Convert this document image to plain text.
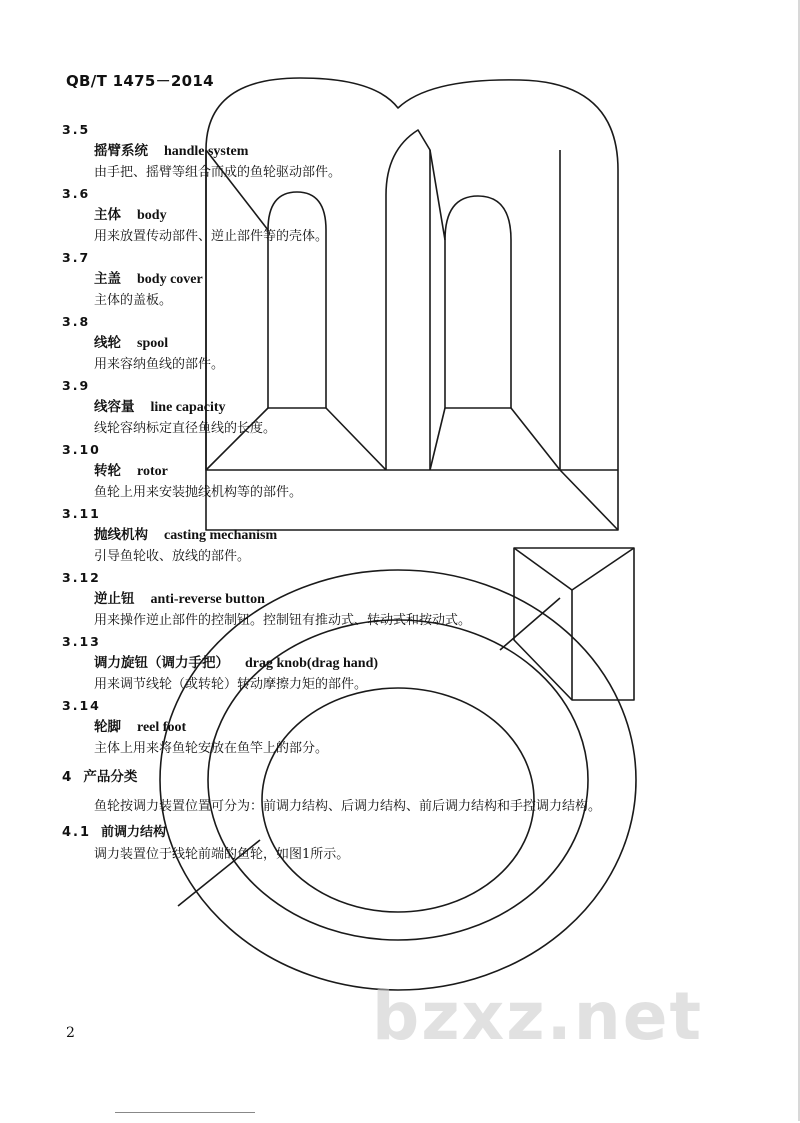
QB/T 1475－2014
3.5
摇臂系统 handle system
由手把、摇臂等组合而成的鱼轮驱动部件。
3.6
主体 body
用来放置传动部件、逆止部件等的壳体。
3.7
主盖 body cover
主体的盖板。
3.8
线轮 spool
用来容纳鱼线的部件。
3.9
线容量 line capacity
线轮容纳标定直径鱼线的长度。
3.10
转轮 rotor
鱼轮上用来安装抛线机构等的部件。
3.11
抛线机构 casting mechanism
引导鱼轮收、放线的部件。
3.12
逆止钮 anti-reverse button
用来操作逆止部件的控制钮。控制钮有推动式、转动式和按动式。
3.13
调力旋钮（调力手把） drag knob(drag hand)
用来调节线轮（或转轮）转动摩擦力矩的部件。
3.14
轮脚 reel foot
主体上用来将鱼轮安放在鱼竿上的部分。
4 产品分类
鱼轮按调力装置位置可分为：前调力结构、后调力结构、前后调力结构和手控调力结构。
4.1 前调力结构
调力装置位于线轮前端的鱼轮，如图1所示。
2	bzxz.net
